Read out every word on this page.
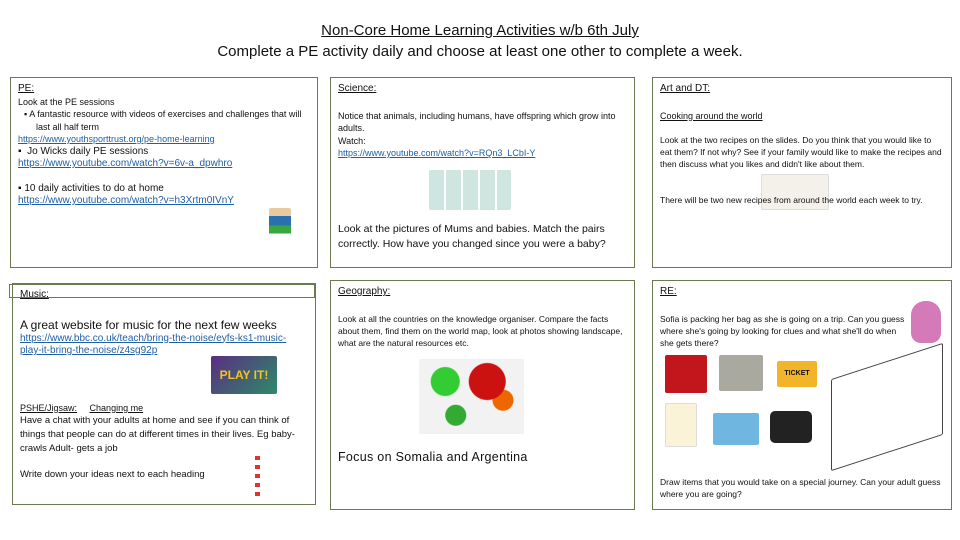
Non-Core Home Learning Activities w/b 6th July
Complete a PE activity daily and choose at least one other to complete a week.
PE:
Look at the PE sessions
▪ A fantastic resource with videos of exercises and challenges that will last all half term
https://www.youthsporttrust.org/pe-home-learning
▪  Jo Wicks daily PE sessions
https://www.youtube.com/watch?v=6v-a_dpwhro
▪ 10 daily activities to do at home
https://www.youtube.com/watch?v=h3Xrtm0IVnY
Science:
Notice that animals, including humans, have offspring which grow into adults.
Watch:
https://www.youtube.com/watch?v=RQn3_LCbI-Y
Look at the pictures of Mums and babies. Match the pairs correctly. How have you changed since you were a baby?
Art and DT:
Cooking around the world
Look at the two recipes on the slides. Do you think that you would like to eat them? If not why? See if your family would like to make the recipes and then discuss what you likes and didn't like about them.
There will be two new recipes from around the world each week to try.
Music:
A great website for music for the next few weeks
https://www.bbc.co.uk/teach/bring-the-noise/eyfs-ks1-music-play-it-bring-the-noise/z4sg92p
PLAY IT!
PSHE/Jigsaw: Changing me
Have a chat with your adults at home and see if you can think of things that people can do at different times in their lives. Eg baby- crawls Adult- gets a job
Write down your ideas next to each heading
Geography:
Look at all the countries on the knowledge organiser. Compare the facts about them, find them on the world map, look at photos showing landscape, what are the natural resources etc.
Focus on Somalia and Argentina
RE:
Sofia is packing her bag as she is going on a trip. Can you guess where she's going by looking for clues and what she'll do when she gets there?
TICKET
Draw items that you would take on a special journey. Can your adult guess where you are going?
